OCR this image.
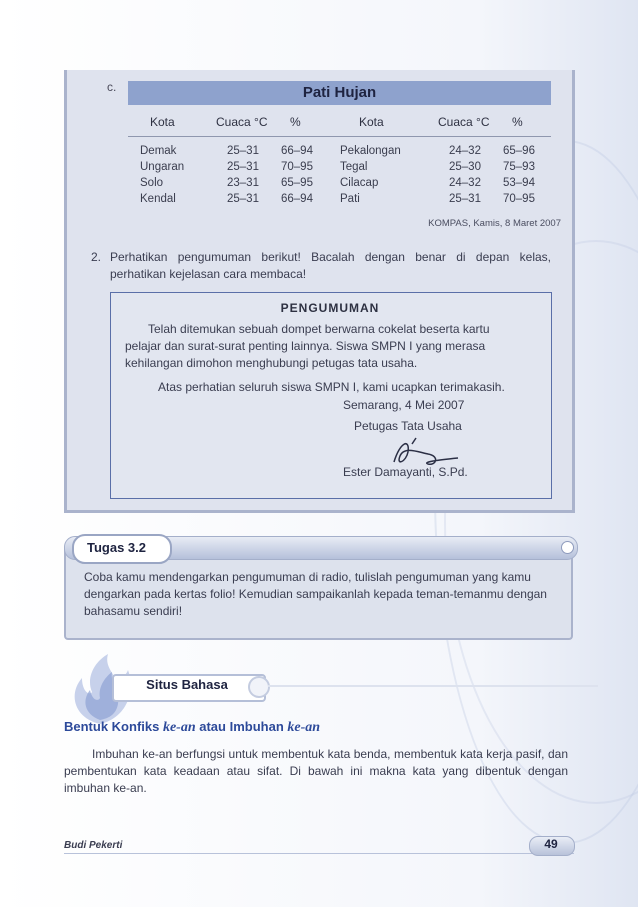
c.	Pati Hujan
Kota	Cuaca °C %	Kota	Cuaca °C %
Demak	25–31 66–94 Pekalongan	24–32 65–96
Ungaran	25–31 70–95 Tegal	25–30 75–93
Solo	23–31 65–95 Cilacap	24–32 53–94
Kendal	25–31 66–94 Pati	25–31 70–95
KOMPAS, Kamis, 8 Maret 2007
2. Perhatikan pengumuman berikut! Bacalah dengan benar di depan kelas, perhatikan kejelasan cara membaca!
PENGUMUMAN
Telah ditemukan sebuah dompet berwarna cokelat beserta kartu
pelajar dan surat-surat penting lainnya. Siswa SMPN I yang merasa
kehilangan dimohon menghubungi petugas tata usaha.
Atas perhatian seluruh siswa SMPN I, kami ucapkan terimakasih.
Semarang, 4 Mei 2007
Petugas Tata Usaha
Ester Damayanti, S.Pd.
Tugas 3.2
Coba kamu mendengarkan pengumuman di radio, tulislah pengumuman yang kamu dengarkan pada kertas folio! Kemudian sampaikanlah kepada teman-temanmu dengan bahasamu sendiri!
Situs Bahasa
Bentuk Konfiks ke-an atau Imbuhan ke-an
Imbuhan ke-an berfungsi untuk membentuk kata benda, membentuk kata kerja pasif, dan pembentukan kata keadaan atau sifat. Di bawah ini makna kata yang dibentuk dengan imbuhan ke-an.
Budi Pekerti	49
